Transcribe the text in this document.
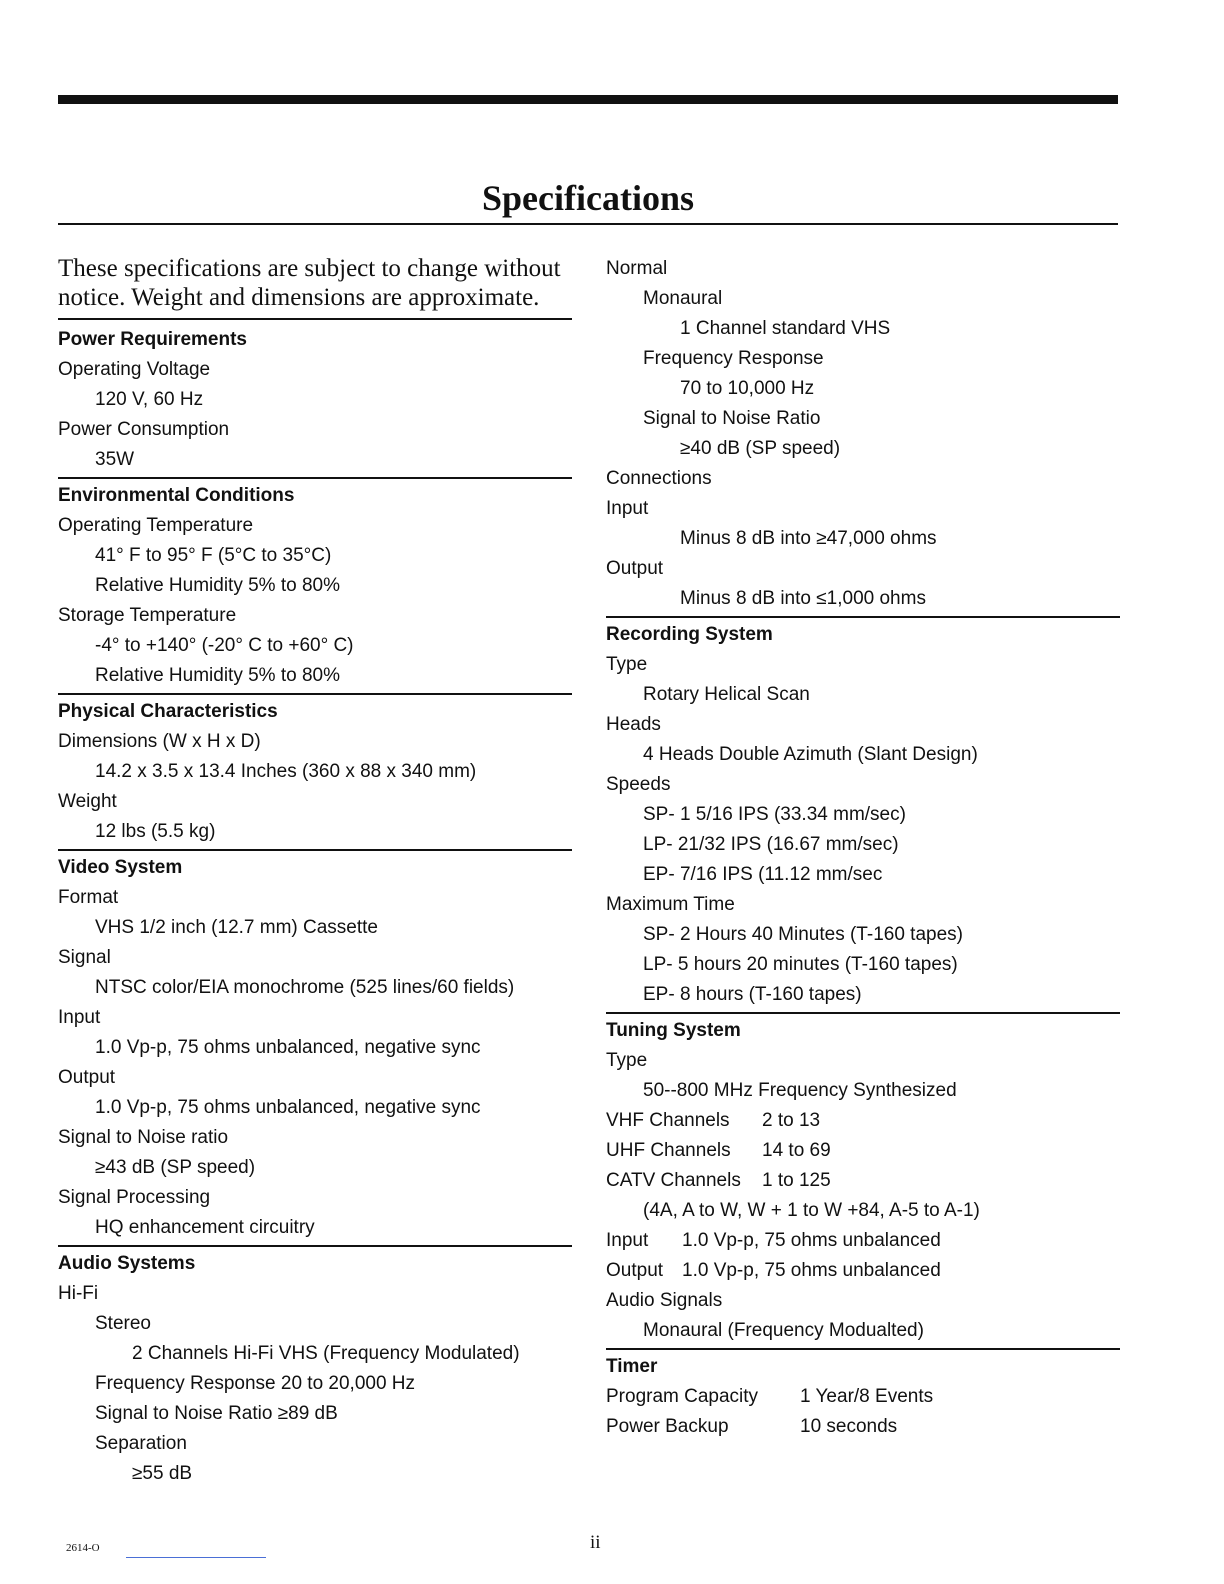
Specifications

These specifications are subject to change without notice. Weight and dimensions are approximate.

Power Requirements
Operating Voltage
120 V, 60 Hz
Power Consumption
35W
Environmental Conditions
Operating Temperature
41° F to 95° F (5°C to 35°C)
Relative Humidity 5% to 80%
Storage Temperature
-4° to +140° (-20° C to +60° C)
Relative Humidity 5% to 80%
Physical Characteristics
Dimensions (W x H x D)
14.2 x 3.5 x 13.4 Inches (360 x 88 x 340 mm)
Weight
12 lbs (5.5 kg)
Video System
Format
VHS 1/2 inch (12.7 mm) Cassette
Signal
NTSC color/EIA monochrome (525 lines/60 fields)
Input
1.0 Vp-p, 75 ohms unbalanced, negative sync
Output
1.0 Vp-p, 75 ohms unbalanced, negative sync
Signal to Noise ratio
≥43 dB (SP speed)
Signal Processing
HQ enhancement circuitry
Audio Systems
Hi-Fi
Stereo
2 Channels Hi-Fi VHS (Frequency Modulated)
Frequency Response 20 to 20,000 Hz
Signal to Noise Ratio ≥89 dB
Separation
≥55 dB
Normal
Monaural
1 Channel standard VHS
Frequency Response
70 to 10,000 Hz
Signal to Noise Ratio
≥40 dB (SP speed)
Connections
Input
Minus 8 dB into ≥47,000 ohms
Output
Minus 8 dB into ≤1,000 ohms
Recording System
Type
Rotary Helical Scan
Heads
4 Heads Double Azimuth (Slant Design)
Speeds
SP- 1 5/16 IPS (33.34 mm/sec)
LP- 21/32 IPS (16.67 mm/sec)
EP- 7/16 IPS (11.12 mm/sec
Maximum Time
SP- 2 Hours 40 Minutes (T-160 tapes)
LP- 5 hours 20 minutes (T-160 tapes)
EP- 8 hours (T-160 tapes)
Tuning System
Type
50--800 MHz Frequency Synthesized
VHF Channels 2 to 13
UHF Channels 14 to 69
CATV Channels 1 to 125
(4A, A to W, W + 1 to W +84, A-5 to A-1)
Input 1.0 Vp-p, 75 ohms unbalanced
Output 1.0 Vp-p, 75 ohms unbalanced
Audio Signals
Monaural (Frequency Modualted)
Timer
Program Capacity 1 Year/8 Events
Power Backup	10 seconds
2614-O	ii
